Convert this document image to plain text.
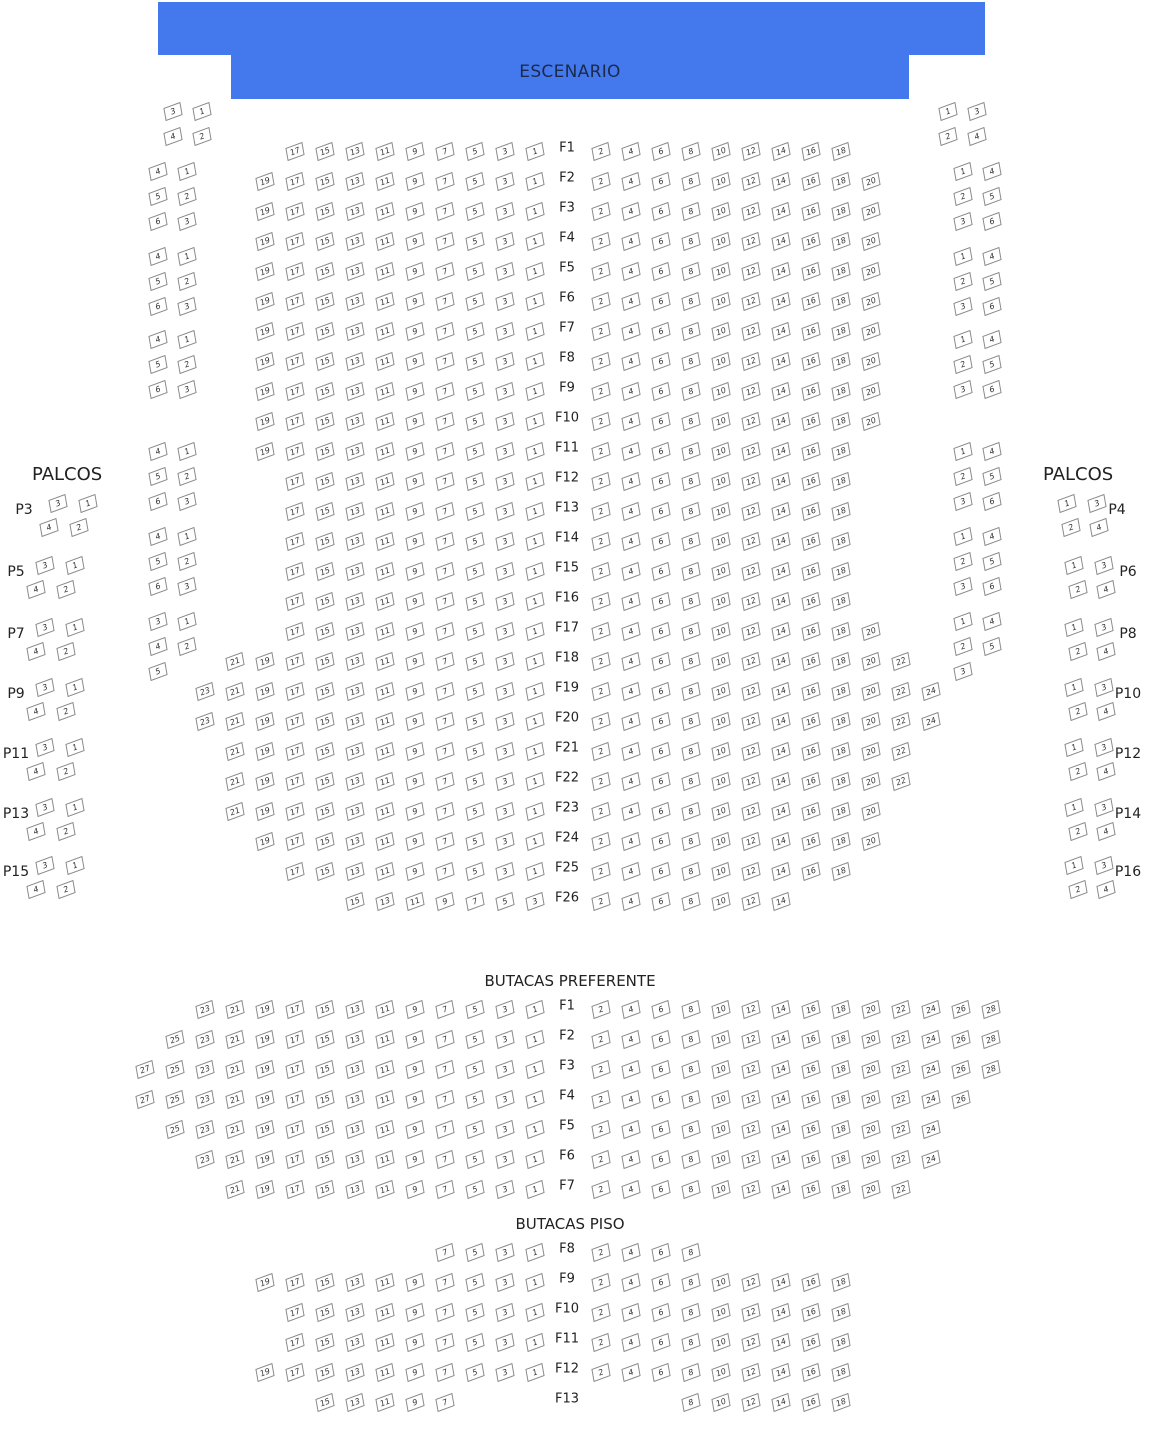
ESCENARIO
PALCOS	PALCOS
BUTACAS PREFERENTE
BUTACAS PISO
F1
17	15	13	11	9	7	5	3	1	2	4	6	8	10	12	14	16	18
F2
19	17	15	13	11	9	7	5	3	1	2	4	6	8	10	12	14	16	18	20
F3
19	17	15	13	11	9	7	5	3	1	2	4	6	8	10	12	14	16	18	20
F4
19	17	15	13	11	9	7	5	3	1	2	4	6	8	10	12	14	16	18	20
F5
19	17	15	13	11	9	7	5	3	1	2	4	6	8	10	12	14	16	18	20
F6
19	17	15	13	11	9	7	5	3	1	2	4	6	8	10	12	14	16	18	20
F7
19	17	15	13	11	9	7	5	3	1	2	4	6	8	10	12	14	16	18	20
F8
19	17	15	13	11	9	7	5	3	1	2	4	6	8	10	12	14	16	18	20
F9
19	17	15	13	11	9	7	5	3	1	2	4	6	8	10	12	14	16	18	20
F10
19	17	15	13	11	9	7	5	3	1	2	4	6	8	10	12	14	16	18	20
F11
19	17	15	13	11	9	7	5	3	1	2	4	6	8	10	12	14	16	18
F12
17	15	13	11	9	7	5	3	1	2	4	6	8	10	12	14	16	18
F13
17	15	13	11	9	7	5	3	1	2	4	6	8	10	12	14	16	18
F14
17	15	13	11	9	7	5	3	1	2	4	6	8	10	12	14	16	18
F15
17	15	13	11	9	7	5	3	1	2	4	6	8	10	12	14	16	18
F16
17	15	13	11	9	7	5	3	1	2	4	6	8	10	12	14	16	18
F17
17	15	13	11	9	7	5	3	1	2	4	6	8	10	12	14	16	18	20
F18
21	19	17	15	13	11	9	7	5	3	1	2	4	6	8	10	12	14	16	18	20	22
F19
23	21	19	17	15	13	11	9	7	5	3	1	2	4	6	8	10	12	14	16	18	20	22	24
F20
23	21	19	17	15	13	11	9	7	5	3	1	2	4	6	8	10	12	14	16	18	20	22	24
F21
21	19	17	15	13	11	9	7	5	3	1	2	4	6	8	10	12	14	16	18	20	22
F22
21	19	17	15	13	11	9	7	5	3	1	2	4	6	8	10	12	14	16	18	20	22
F23
21	19	17	15	13	11	9	7	5	3	1	2	4	6	8	10	12	14	16	18	20
F24
19	17	15	13	11	9	7	5	3	1	2	4	6	8	10	12	14	16	18	20
F25
17	15	13	11	9	7	5	3	1	2	4	6	8	10	12	14	16	18
F26
15	13	11	9	7	5	3	2	4	6	8	10	12	14
F1
23	21	19	17	15	13	11	9	7	5	3	1	2	4	6	8	10	12	14	16	18	20	22	24	26	28
F2
25	23	21	19	17	15	13	11	9	7	5	3	1	2	4	6	8	10	12	14	16	18	20	22	24	26	28
F3
27	25	23	21	19	17	15	13	11	9	7	5	3	1	2	4	6	8	10	12	14	16	18	20	22	24	26	28
F4
27	25	23	21	19	17	15	13	11	9	7	5	3	1	2	4	6	8	10	12	14	16	18	20	22	24	26
F5
25	23	21	19	17	15	13	11	9	7	5	3	1	2	4	6	8	10	12	14	16	18	20	22	24
F6
23	21	19	17	15	13	11	9	7	5	3	1	2	4	6	8	10	12	14	16	18	20	22	24
F7
21	19	17	15	13	11	9	7	5	3	1	2	4	6	8	10	12	14	16	18	20	22
F8
7	5	3	1	2	4	6	8
F9
19	17	15	13	11	9	7	5	3	1	2	4	6	8	10	12	14	16	18
F10
17	15	13	11	9	7	5	3	1	2	4	6	8	10	12	14	16	18
F11
17	15	13	11	9	7	5	3	1	2	4	6	8	10	12	14	16	18
F12
19	17	15	13	11	9	7	5	3	1	2	4	6	8	10	12	14	16	18
F13
15	13	11	9	7	8	10	12	14	16	18
3	1
4	2
4	1
5	2
6	3
4	1
5	2
6	3
4	1
5	2
6	3
4	1
5	2
6	3
4	1
5	2
6	3
3	1
4	2
5
1	3
2	4
1	4
2	5
3	6
1	4
2	5
3	6
1	4
2	5
3	6
1	4
2	5
3	6
1	4
2	5
3	6
1	4
2	5
3
P3	3	1
4	2
P5	3	1
4	2
P7	3	1
4	2
P9	3	1
4	2
P11	3	1
4	2
P13	3	1
4	2
P15	3	1
4	2
P4
1	3
2	4
P6
1	3
2	4
P8
1	3
2	4
P10
1	3
2	4
P12
1	3
2	4
P14
1	3
2	4
P16
1	3
2	4
